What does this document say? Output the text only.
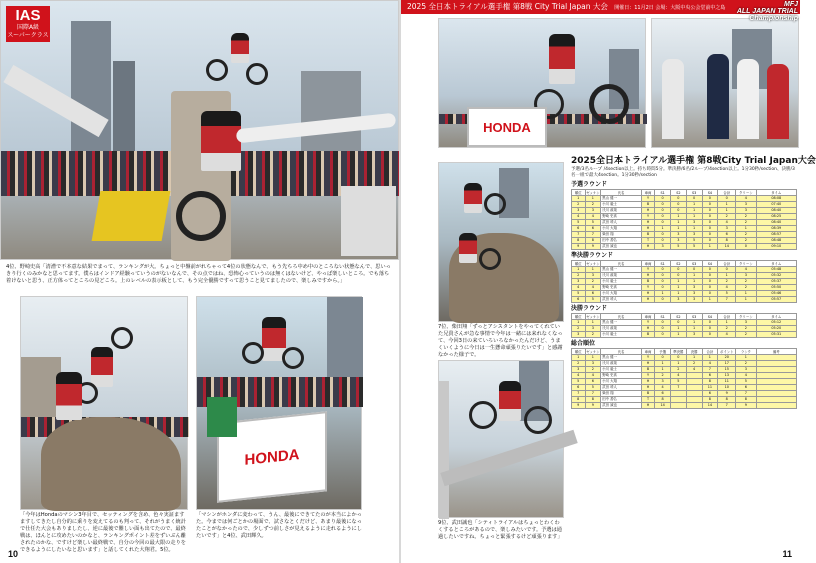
IAS
国際A級
スーパークラス
4位、野崎史高「清漕で不本意な結果でまって、ランキングが大。ちょっと中盤前がれちゃって4位の状態なんで、もう先ちろ中め中のところない状態なんで、思いっきり行くのみかなと思ってます。僕らはインドア経験っていうのがないなんで、その点ではね、恐怖心っていうのは無くはないけど、やっぱ楽しいところ。でも落ち着けないと思う、正方体ってところの見どころ。上のレベルの表示板として、もう完全優勝ですって思うこと見てましたので、楽しみですから。」
HONDA
「今年はHondaのマシン3年目で、セッティングを含め、色々実証ますますしてきたし自分的に乗りを変えてるのも判って、それがうまく統計で仕任た大会もありましたし、逆に最後で難しい面も出てたので、最終戦は、ほんとに攻めたいのかなと、ランキングポイント差をずいぶん離されたのかな、ですけど楽しい最終戦で、自分の今回の最大限の走りをできるようにしたいなと思います」と話してくれた大翔君。5位。
「マシンがホンダに変わって、うん、最後にできてたのが本当によかった。今までは何ごとかの場面で、試さなとくだけど、あまり最後になったことがなかったので、少しずつ前しさが見えるように走れるようにしたいです」と4位、武田輝久。
10
2025 全日本トライアル選手権 第8戦 City Trial Japan 大会 開催日：11月2日 会場：大阪中央公会堂前中之島	MFJ
ALL JAPAN TRIAL
Championship
HONDA
7位、柴田翔「ずっとアシスタントをやってくれていた兄貴さんが急な事情で今年は一緒には来れなくなって、今回3日の来ていろいろなかったんだけど、うまくいくように今日は一生懸命頑張りたいです」と感謝なかった様子で。
9位、武田誠也「シティトライアルはちょっとわくわくするところがあるので、楽しみたいです。予選は通過したいですね。ちょっと緊張するけど頑張ります」
2025全日本トライアル選手権 第8戦City Trial Japan大会
予選/3名ループ /4section以上。持ち時間5分。準決勝/6名/2ループ/4section以上。1分30秒/section、決勝/3名一組で最大4section。1分30秒/section
予選ラウンド
順位	ゼッケン	氏名	車両	S1	S2	S3	S4	合計	クリーン	タイム
1	1	黒山 健一	Y	0	0	0	0	0	4	08:08
2	2	小川 毅士	B	0	0	1	0	1	3	07:40
3	3	氏川 政哉	H	0	0	1	0	1	3	08:40
4	4	野崎 史高	Y	0	1	1	0	2	2	08:25
5	5	武田 呼人	H	0	1	3	0	4	2	08:40
6	6	小川 大翔	H	1	1	1	0	3	1	08:39
7	7	柴田 翔	B	0	3	3	0	6	2	08:57
8	8	田中 善弘	T	0	3	5	0	8	2	08:48
9	9	武田 誠也	H	3	5	5	1	14	0	09:10
準決勝ラウンド
順位	ゼッケン	氏名	車両	S1	S2	S3	S4	合計	クリーン	タイム
1	1	黒山 健一	Y	0	0	0	0	0	4	05:48
2	3	氏川 政哉	H	0	0	1	0	1	3	05:32
3	2	小川 毅士	B	0	1	1	0	2	2	05:37
4	4	野崎 史高	Y	0	1	3	0	4	2	05:50
5	6	小川 大翔	H	1	1	3	0	5	1	05:46
6	5	武田 呼人	H	0	3	3	1	7	1	05:57
決勝ラウンド
順位	ゼッケン	氏名	車両	S1	S2	S3	S4	合計	クリーン	タイム
1	1	黒山 健一	Y	0	0	1	0	1	3	05:12
2	3	氏川 政哉	H	0	1	1	0	2	2	05:20
3	2	小川 毅士	B	0	1	3	0	4	2	05:31
総合順位
順位	ゼッケン	氏名	車両	予選	準決勝	決勝	合計	ポイント	ランク	備考
1	1	黒山 健一	Y	0	0	1	1	20	1	
2	3	氏川 政哉	H	1	1	2	4	17	2	
3	2	小川 毅士	B	1	2	4	7	15	3	
4	4	野崎 史高	Y	2	4		6	13	4	
5	6	小川 大翔	H	3	5		8	11	5	
6	5	武田 呼人	H	4	7		11	10	6	
7	7	柴田 翔	B	6			6	9	7	
8	8	田中 善弘	T	8			8	8	8	
9	9	武田 誠也	H	14			14	7	9	
11
